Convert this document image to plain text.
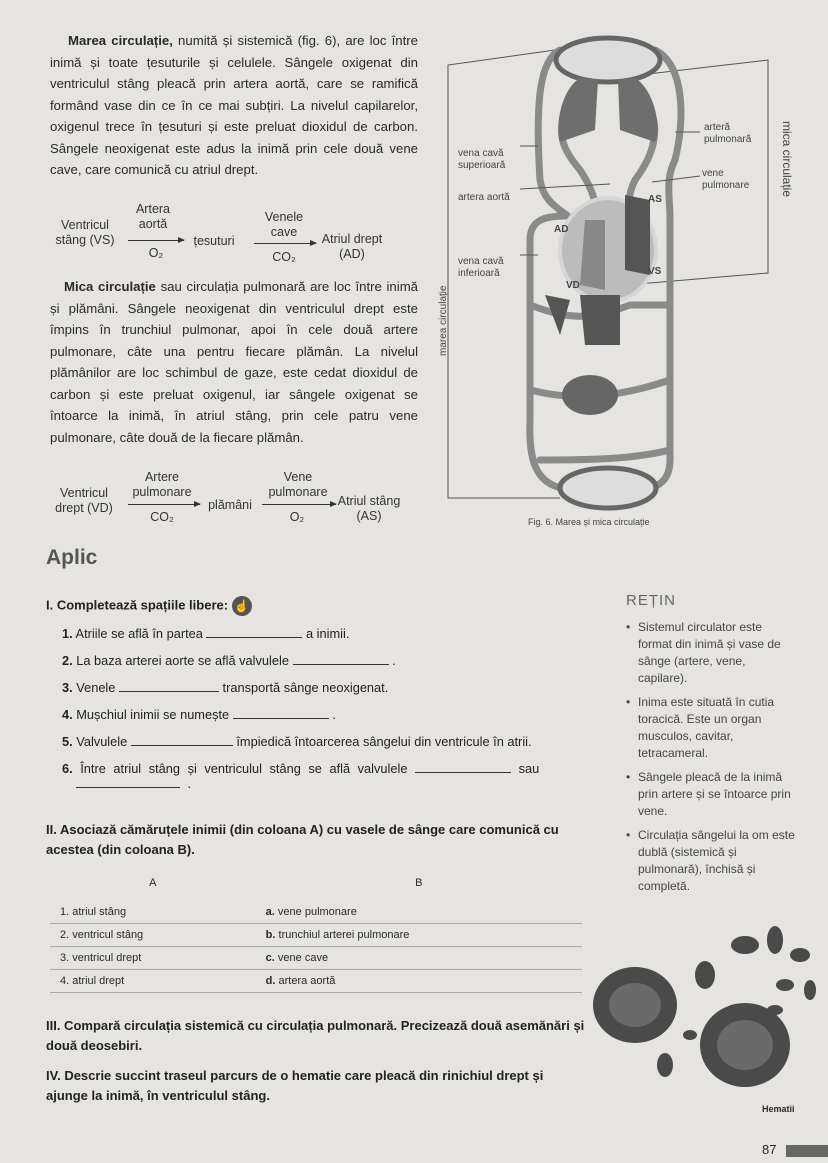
Marea circulație, numită și sistemică (fig. 6), are loc între inimă și toate țesuturile și celulele. Sângele oxigenat din ventriculul stâng pleacă prin artera aortă, care se ramifică formând vase din ce în ce mai subțiri. La nivelul capilarelor, oxigenul trece în țesuturi și este preluat dioxidul de carbon. Sângele neoxigenat este adus la inimă prin cele două vene cave, care comunică cu atriul drept.

Ventricul stâng (VS)
Artera aortă
O₂
țesuturi
Venele cave
CO₂
Atriul drept (AD)

Mica circulație sau circulația pulmonară are loc între inimă și plămâni. Sângele neoxigenat din ventriculul drept este împins în trunchiul pulmonar, apoi în cele două artere pulmonare, câte una pentru fiecare plămân. La nivelul plămânilor are loc schimbul de gaze, este cedat dioxidul de carbon și este preluat oxigenul, iar sângele oxigenat se întoarce la inimă, în atriul stâng, prin cele patru vene pulmonare, câte două de la fiecare plămân.

Ventricul drept (VD)
Artere pulmonare
CO₂
plămâni
Vene pulmonare
O₂
Atriul stâng (AS)
vena cavă superioară
artera aortă
vena cavă inferioară
arteră pulmonară
vene pulmonare
AD
AS
VD
VS
marea circulație
mica circulație
Fig. 6. Marea și mica circulație
Aplic
I. Completează spațiile libere: ☝
1. Atriile se află în partea	a inimii.
2. La baza arterei aorte se află valvulele	.
3. Venele	transportă sânge neoxigenat.
4. Mușchiul inimii se numește	.
5. Valvulele	împiedică întoarcerea sângelui din ventricule în atrii.
6. Între atriul stâng și ventriculul stâng se află valvulele	sau
.
II. Asociază cămăruțele inimii (din coloana A) cu vasele de sânge care comunică cu acestea (din coloana B).
A	B
1. atriul stâng	a. vene pulmonare
2. ventricul stâng	b. trunchiul arterei pulmonare
3. ventricul drept	c. vene cave
4. atriul drept	d. artera aortă
III. Compară circulația sistemică cu circulația pulmonară. Precizează două asemănări și două deosebiri.
IV. Descrie succint traseul parcurs de o hematie care pleacă din rinichiul drept și ajunge la inimă, în ventriculul stâng.
REȚIN
• Sistemul circulator este format din inimă și vase de sânge (artere, vene, capilare).
• Inima este situată în cutia toracică. Este un organ musculos, cavitar, tetracameral.
• Sângele pleacă de la inimă prin artere și se întoarce prin vene.
• Circulația sângelui la om este dublă (sistemică și pulmonară), închisă și completă.
Hematii
87
